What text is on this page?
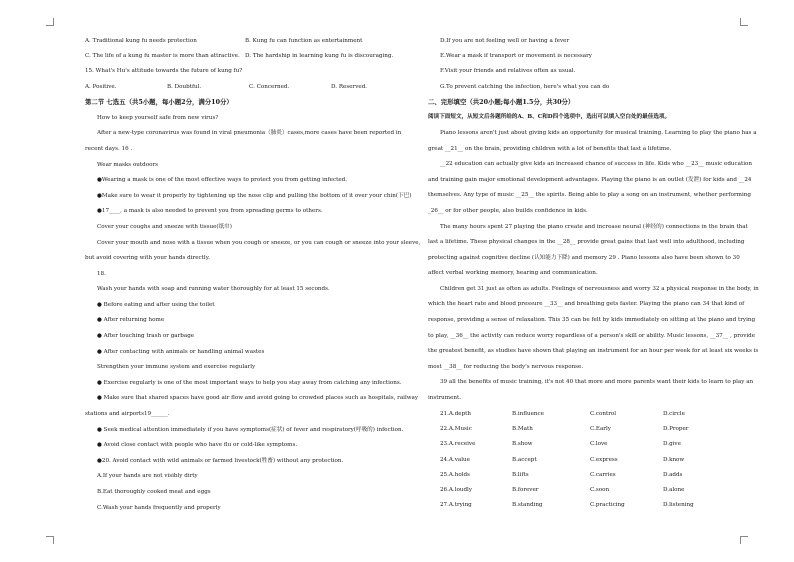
A. Traditional kung fu needs protection	B. Kung fu can function as entertainment
C. The life of a kung fu master is more than attractive. D. The hardship in learning kung fu is discouraging.
15. What's Hu's attitude towards the future of kung fu?
A. Positive.	B. Doubtful.	C. Concerned.	D. Reserved.
第二节 七选五（共5小题，每小题2分，满分10分）
How to keep yourself safe from new virus?
After a new-type coronavirus was found in viral pneumonia（肺炎）cases,more cases have been reported in
recent days. 16 .
Wear masks outdoors
●Wearing a mask is one of the most effective ways to protect you from getting infected.
●Make sure to wear it properly by tightening up the nose clip and pulling the bottom of it over your chin(下巴)
●17____, a mask is also needed to prevent you from spreading germs to others.
Cover your coughs and sneeze with tissue(纸巾)
Cover your mouth and nose with a tissue when you cough or sneeze, or you can cough or sneeze into your sleeve,
but avoid covering with your hands directly.
18.
Wash your hands with soap and running water thoroughly for at least 15 seconds.
● Before eating and after using the toilet
● After returning home
● After touching trash or garbage
● After contacting with animals or handling animal wastes
Strengthen your immune system and exercise regularly
● Exercise regularly is one of the most important ways to help you stay away from catching any infections.
● Make sure that shared spaces have good air flow and avoid going to crowded places such as hospitals, railway
stations and airports19______.
● Seek medical attention immediately if you have symptoms(症状) of fever and respiratory(呼吸的) infection.
● Avoid close contact with people who have flu or cold-like symptoms.
●20. Avoid contact with wild animals or farmed livestock(牲畜) without any protection.
A.If your hands are not visibly dirty
B.Eat thoroughly cooked meat and eggs
C.Wash your hands frequently and properly
D.If you are not feeling well or having a fever
E.Wear a mask if transport or movement is necessary
F.Visit your friends and relatives often as usual.
G.To prevent catching the infection, here's what you can do
二、完形填空（共20小题;每小题1.5分，共30分）
阅读下面短文，从短文后各题所给的A、B、C和D四个选项中，选出可以填入空白处的最佳选项。
Piano lessons aren't just about giving kids an opportunity for musical training. Learning to play the piano has a
great __21__ on the brain, providing children with a lot of benefits that last a lifetime.
__22 education can actually give kids an increased chance of success in life. Kids who __23__ music education
and training gain major emotional development advantages. Playing the piano is an outlet (发泄) for kids and __24
themselves. Any type of music __25__ the spirits. Being able to play a song on an instrument, whether performing
_26__ or for other people, also builds confidence in kids.
The many hours spent 27 playing the piano create and increase neural (神经的) connections in the brain that
last a lifetime. These physical changes in the __28__ provide great gains that last well into adulthood, including
protecting against cognitive decline (认知能力下降) and memory 29 . Piano lessons also have been shown to 30
affect verbal working memory, hearing and communication.
Children get 31 just as often as adults. Feelings of nervousness and worry 32 a physical response in the body, in
which the heart rate and blood pressure __33__ and breathing gets faster. Playing the piano can 34 that kind of
response, providing a sense of relaxation. This 35 can be felt by kids immediately on sitting at the piano and trying
to play, __36__ the activity can reduce worry regardless of a person's skill or ability. Music lessons, __37__ , provide
the greatest benefit, as studies have shown that playing an instrument for an hour per week for at least six weeks is
most __38__ for reducing the body's nervous response.
39 all the benefits of music training, it's not 40 that more and more parents want their kids to learn to play an
instrument.
21.A.depth	B.influence	C.control	D.circle
22.A.Music	B.Math	C.Early	D.Proper
23.A.receive	B.show	C.love	D.give
24.A.value	B.accept	C.express	D.know
25.A.holds	B.lifts	C.carries	D.adds
26.A.loudly	B.forever	C.soon	D.alone
27.A.trying	B.standing	C.practicing	D.listening
